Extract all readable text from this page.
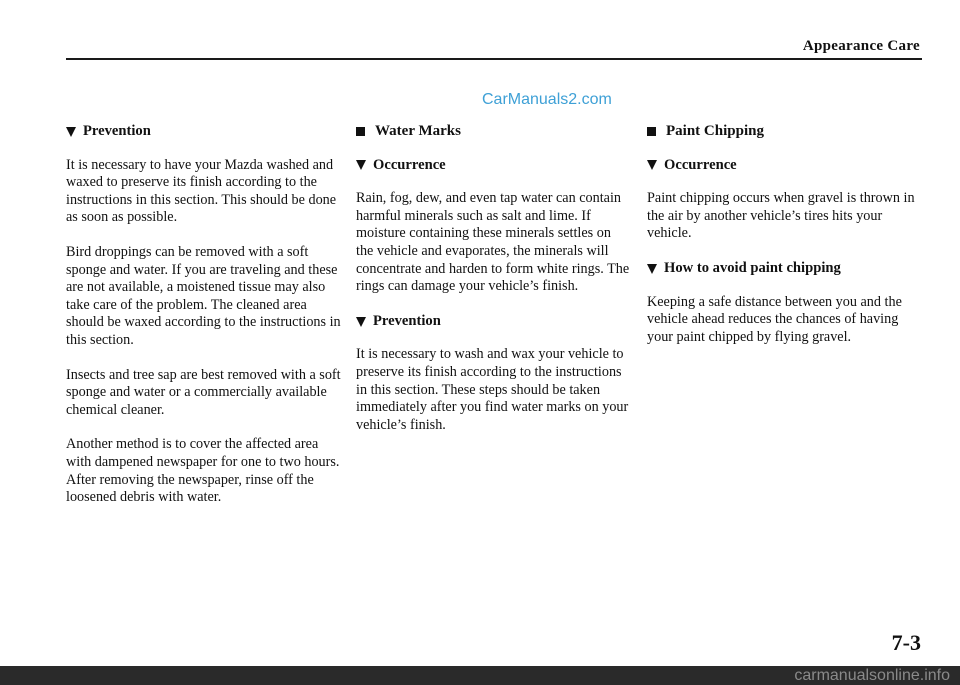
Appearance Care
CarManuals2.com
Prevention

It is necessary to have your Mazda washed and waxed to preserve its finish according to the instructions in this section. This should be done as soon as possible.

Bird droppings can be removed with a soft sponge and water. If you are traveling and these are not available, a moistened tissue may also take care of the problem. The cleaned area should be waxed according to the instructions in this section.

Insects and tree sap are best removed with a soft sponge and water or a commercially available chemical cleaner.

Another method is to cover the affected area with dampened newspaper for one to two hours. After removing the newspaper, rinse off the loosened debris with water.

Water Marks
Occurrence

Rain, fog, dew, and even tap water can contain harmful minerals such as salt and lime. If moisture containing these minerals settles on the vehicle and evaporates, the minerals will concentrate and harden to form white rings. The rings can damage your vehicle’s finish.

Prevention

It is necessary to wash and wax your vehicle to preserve its finish according to the instructions in this section. These steps should be taken immediately after you find water marks on your vehicle’s finish.

Paint Chipping
Occurrence

Paint chipping occurs when gravel is thrown in the air by another vehicle’s tires hits your vehicle.

How to avoid paint chipping

Keeping a safe distance between you and the vehicle ahead reduces the chances of having your paint chipped by flying gravel.

7-3
carmanualsonline.info
